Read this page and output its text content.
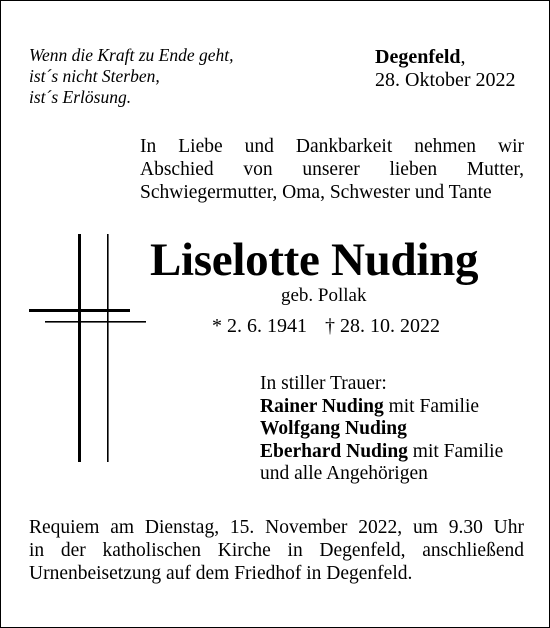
Wenn die Kraft zu Ende geht,
ist´s nicht Sterben,
ist´s Erlösung.
Degenfeld,
28. Oktober 2022
In Liebe und Dankbarkeit nehmen wir
Abschied von unserer lieben Mutter,
Schwiegermutter, Oma, Schwester und Tante
Liselotte Nuding
geb. Pollak
* 2. 6. 1941 † 28. 10. 2022
In stiller Trauer:
Rainer Nuding mit Familie
Wolfgang Nuding
Eberhard Nuding mit Familie
und alle Angehörigen
Requiem am Dienstag, 15. November 2022, um 9.30 Uhr
in der katholischen Kirche in Degenfeld, anschließend
Urnenbeisetzung auf dem Friedhof in Degenfeld.
